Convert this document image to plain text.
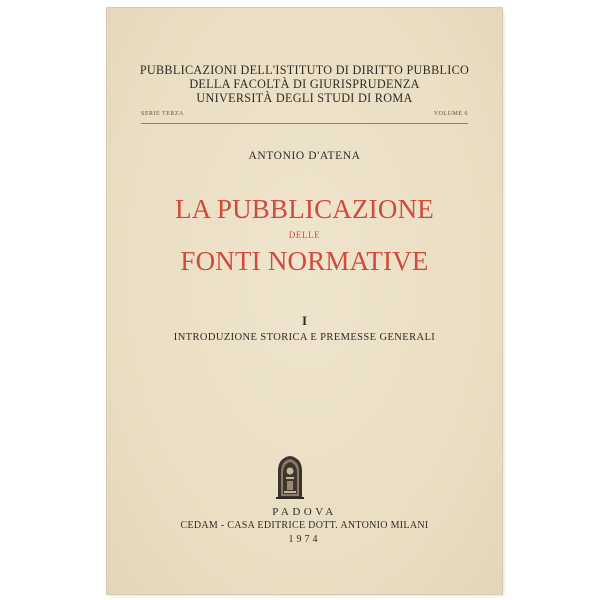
PUBBLICAZIONI DELL'ISTITUTO DI DIRITTO PUBBLICO
DELLA FACOLTÀ DI GIURISPRUDENZA
UNIVERSITÀ DEGLI STUDI DI ROMA
SERIE TERZA	VOLUME 6
ANTONIO D'ATENA
LA PUBBLICAZIONE
DELLE
FONTI NORMATIVE
I
INTRODUZIONE STORICA E PREMESSE GENERALI
PADOVA
CEDAM - CASA EDITRICE DOTT. ANTONIO MILANI
1974
